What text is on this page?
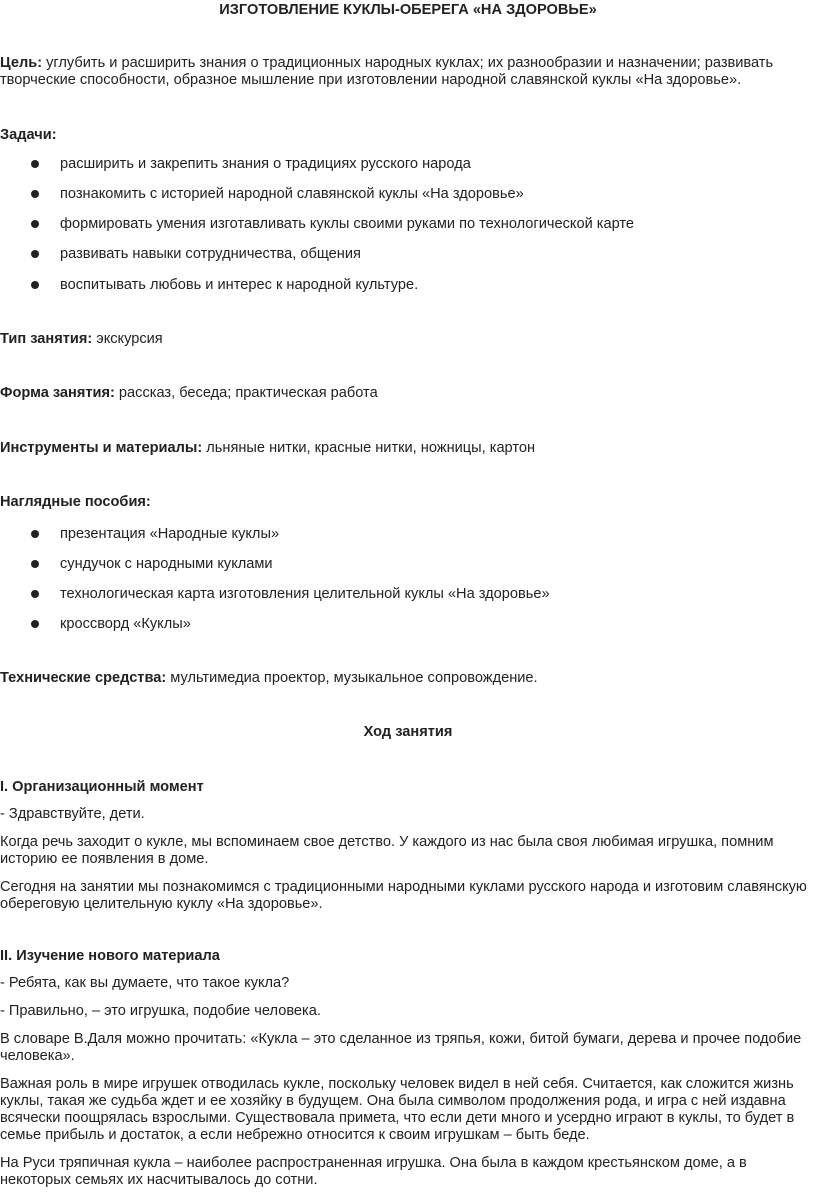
ИЗГОТОВЛЕНИЕ КУКЛЫ-ОБЕРЕГА «НА ЗДОРОВЬЕ»

Цель: углубить и расширить знания о традиционных народных куклах; их разнообразии и назначении; развивать творческие способности, образное мышление при изготовлении народной славянской куклы «На здоровье».

Задачи:

расширить и закрепить знания о традициях русского народа

познакомить с историей народной славянской куклы «На здоровье»

формировать умения изготавливать куклы своими руками по технологической карте

развивать навыки сотрудничества, общения

воспитывать любовь и интерес к народной культуре.

Тип занятия: экскурсия

Форма занятия: рассказ, беседа; практическая работа

Инструменты и материалы: льняные нитки, красные нитки, ножницы, картон

Наглядные пособия:

презентация «Народные куклы»

сундучок с народными куклами

технологическая карта изготовления целительной куклы «На здоровье»

кроссворд «Куклы»

Технические средства: мультимедиа проектор, музыкальное сопровождение.

Ход занятия

I. Организационный момент

- Здравствуйте, дети.

Когда речь заходит о кукле, мы вспоминаем свое детство. У каждого из нас была своя любимая игрушка, помним историю ее появления в доме.

Сегодня на занятии мы познакомимся с традиционными народными куклами русского народа и изготовим славянскую обереговую целительную куклу «На здоровье».

II. Изучение нового материала

- Ребята, как вы думаете, что такое кукла?

- Правильно, – это игрушка, подобие человека.

В словаре В.Даля можно прочитать: «Кукла – это сделанное из тряпья, кожи, битой бумаги, дерева и прочее подобие человека».

Важная роль в мире игрушек отводилась кукле, поскольку человек видел в ней себя. Считается, как сложится жизнь куклы, такая же судьба ждет и ее хозяйку в будущем. Она была символом продолжения рода, и игра с ней издавна всячески поощрялась взрослыми. Существовала примета, что если дети много и усердно играют в куклы, то будет в семье прибыль и достаток, а если небрежно относится к своим игрушкам – быть беде.

На Руси тряпичная кукла – наиболее распространенная игрушка. Она была в каждом крестьянском доме, а в некоторых семьях их насчитывалось до сотни.
